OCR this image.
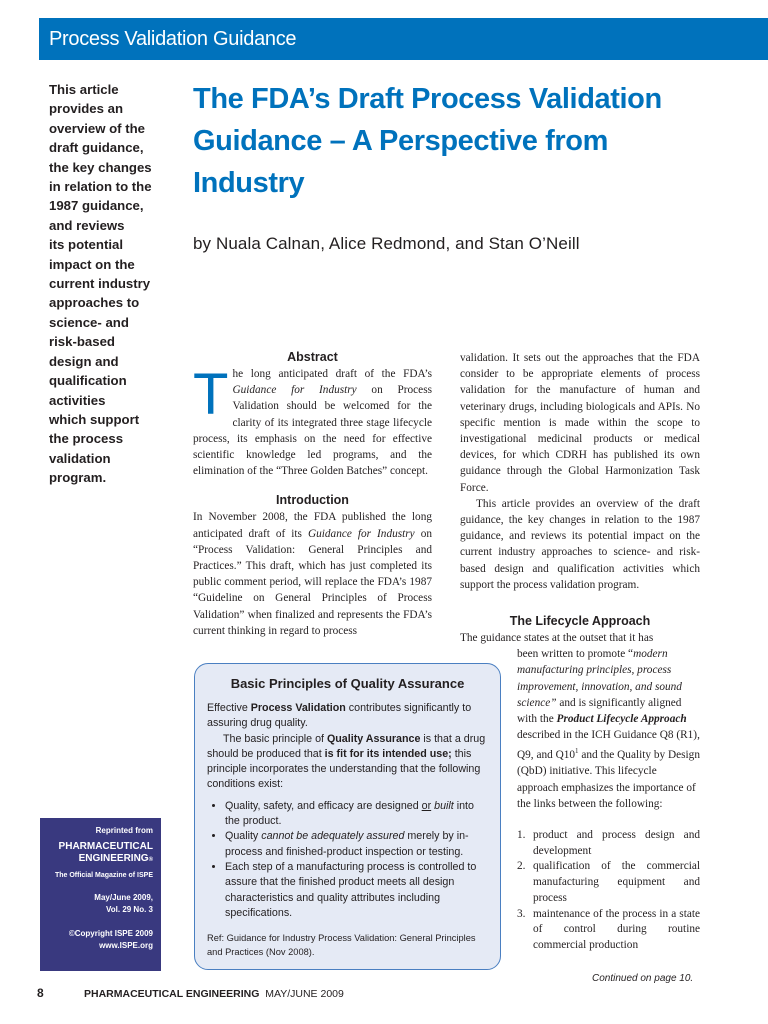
Process Validation Guidance
This article
provides an
overview of the
draft guidance,
the key changes
in relation to the
1987 guidance,
and reviews
its potential
impact on the
current industry
approaches to
science- and
risk-based
design and
qualification
activities
which support
the process
validation
program.
The FDA’s Draft Process Validation
Guidance – A Perspective from
Industry
by Nuala Calnan, Alice Redmond, and Stan O’Neill
Abstract

The long anticipated draft of the FDA’s Guidance for Industry on Process Validation should be welcomed for the clarity of its integrated three stage lifecycle process, its emphasis on the need for effective scientific knowledge led programs, and the elimination of the “Three Golden Batches” concept.

Introduction

In November 2008, the FDA published the long anticipated draft of its Guidance for Industry on “Process Validation: General Principles and Practices.” This draft, which has just completed its public comment period, will replace the FDA’s 1987 “Guideline on General Principles of Process Validation” when finalized and represents the FDA’s current thinking in regard to process

validation. It sets out the approaches that the FDA consider to be appropriate elements of process validation for the manufacture of human and veterinary drugs, including biologicals and APIs. No specific mention is made within the scope to investigational medicinal products or medical devices, for which CDRH has published its own guidance through the Global Harmonization Task Force.

This article provides an overview of the draft guidance, the key changes in relation to the 1987 guidance, and reviews its potential impact on the current industry approaches to science- and risk-based design and qualification activities which support the process validation program.

The Lifecycle Approach

The guidance states at the outset that it has

been written to promote “modern manufacturing principles, process improvement, innovation, and sound science” and is significantly aligned with the Product Lifecycle Approach described in the ICH Guidance Q8 (R1), Q9, and $Q10^1$ and the Quality by Design (QbD) initiative. This lifecycle approach emphasizes the importance of the links between the following:

1. product and process design and development
2. qualification of the commercial manufacturing equipment and process
3. maintenance of the process in a state of control during routine commercial production
Continued on page 10.
Basic Principles of Quality Assurance

Effective Process Validation contributes significantly to assuring drug quality.

The basic principle of Quality Assurance is that a drug should be produced that is fit for its intended use; this principle incorporates the understanding that the following conditions exist:

• Quality, safety, and efficacy are designed or built into the product.
• Quality cannot be adequately assured merely by in-process and finished-product inspection or testing.
• Each step of a manufacturing process is controlled to assure that the finished product meets all design characteristics and quality attributes including specifications.

Ref: Guidance for Industry Process Validation: General Principles and Practices (Nov 2008).

Reprinted from
PHARMACEUTICAL
ENGINEERING®
The Official Magazine of ISPE
May/June 2009,
Vol. 29 No. 3
©Copyright ISPE 2009
www.ISPE.org
8	PHARMACEUTICAL ENGINEERING MAY/JUNE 2009
